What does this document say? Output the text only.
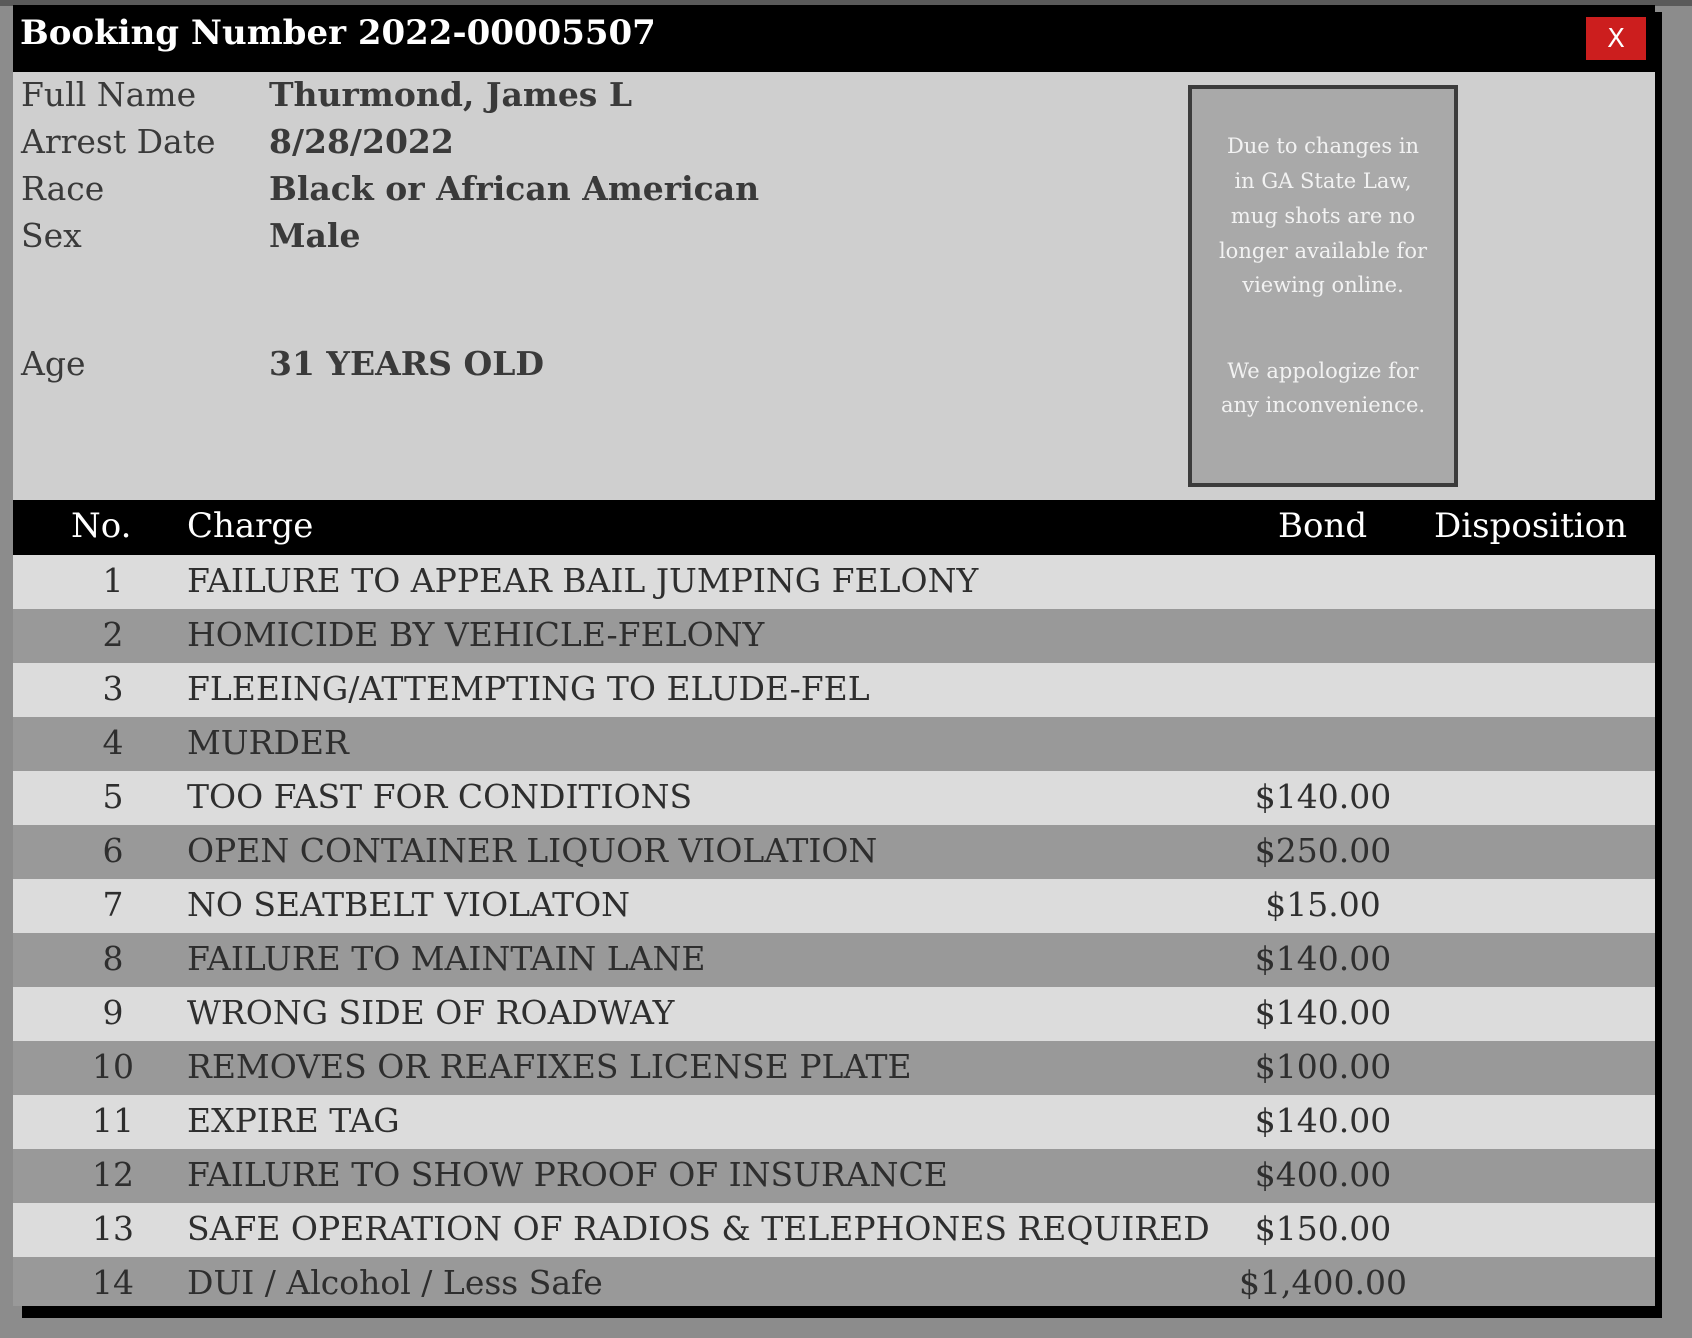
Booking Number 2022-00005507	X
Full Name Thurmond, James L
Arrest Date 8/28/2022
Race	Black or African American
Sex	Male
Age	31 YEARS OLD
Due to changes in
in GA State Law,
mug shots are no
longer available for
viewing online.
We appologize for
any inconvenience.
No. Charge	Bond Disposition
1	FAILURE TO APPEAR BAIL JUMPING FELONY
2	HOMICIDE BY VEHICLE-FELONY
3	FLEEING/ATTEMPTING TO ELUDE-FEL
4	MURDER
5	TOO FAST FOR CONDITIONS	$140.00
6	OPEN CONTAINER LIQUOR VIOLATION	$250.00
7	NO SEATBELT VIOLATON	$15.00
8	FAILURE TO MAINTAIN LANE	$140.00
9	WRONG SIDE OF ROADWAY	$140.00
10	REMOVES OR REAFIXES LICENSE PLATE	$100.00
11	EXPIRE TAG	$140.00
12	FAILURE TO SHOW PROOF OF INSURANCE	$400.00
13	SAFE OPERATION OF RADIOS & TELEPHONES REQUIRED	$150.00
14	DUI / Alcohol / Less Safe	$1,400.00
